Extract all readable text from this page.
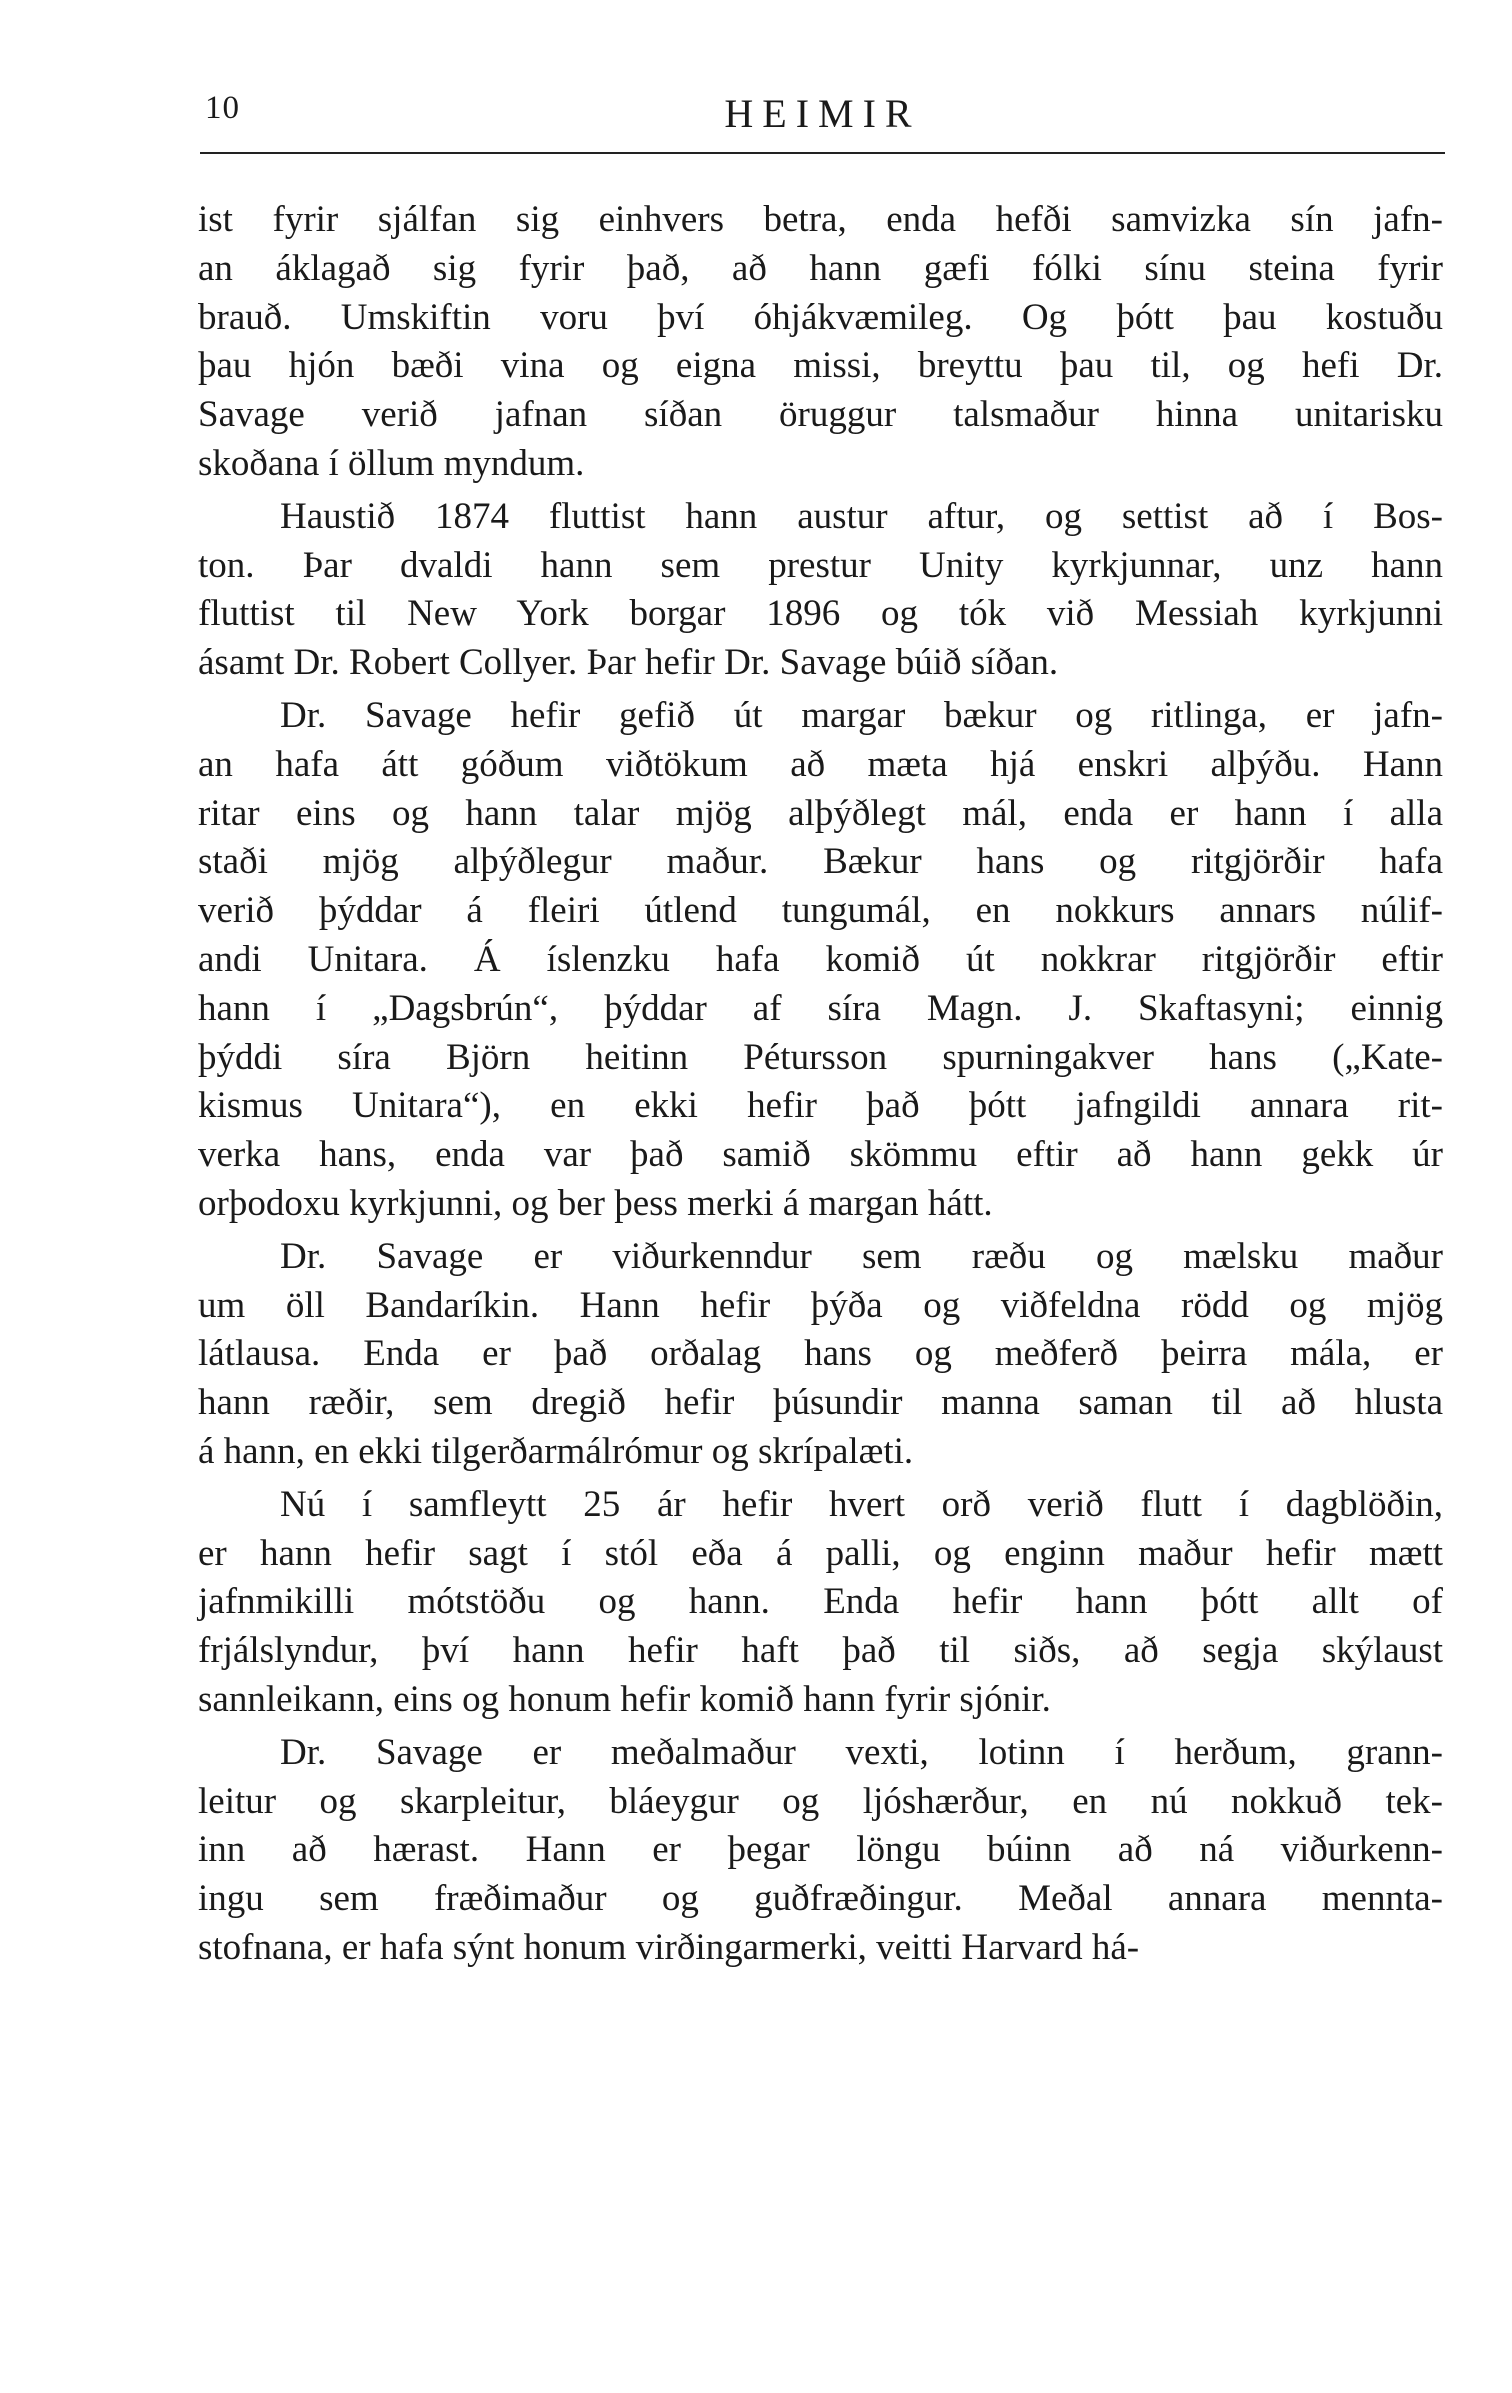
10	HEIMIR

ist fyrir sjálfan sig einhvers betra, enda hefði samvizka sín jafn-
an áklagað sig fyrir það, að hann gæfi fólki sínu steina fyrir
brauð. Umskiftin voru því óhjákvæmileg. Og þótt þau kostuðu
þau hjón bæði vina og eigna missi, breyttu þau til, og hefi Dr.
Savage verið jafnan síðan öruggur talsmaður hinna unitarisku
skoðana í öllum myndum.

Haustið 1874 fluttist hann austur aftur, og settist að í Bos-
ton. Þar dvaldi hann sem prestur Unity kyrkjunnar, unz hann
fluttist til New York borgar 1896 og tók við Messiah kyrkjunni
ásamt Dr. Robert Collyer. Þar hefir Dr. Savage búið síðan.

Dr. Savage hefir gefið út margar bækur og ritlinga, er jafn-
an hafa átt góðum viðtökum að mæta hjá enskri alþýðu. Hann
ritar eins og hann talar mjög alþýðlegt mál, enda er hann í alla
staði mjög alþýðlegur maður. Bækur hans og ritgjörðir hafa
verið þýddar á fleiri útlend tungumál, en nokkurs annars núlif-
andi Unitara. Á íslenzku hafa komið út nokkrar ritgjörðir eftir
hann í „Dagsbrún“, þýddar af síra Magn. J. Skaftasyni; einnig
þýddi síra Björn heitinn Pétursson spurningakver hans („Kate-
kismus Unitara“), en ekki hefir það þótt jafngildi annara rit-
verka hans, enda var það samið skömmu eftir að hann gekk úr
orþodoxu kyrkjunni, og ber þess merki á margan hátt.

Dr. Savage er viðurkenndur sem ræðu og mælsku maður
um öll Bandaríkin. Hann hefir þýða og viðfeldna rödd og mjög
látlausa. Enda er það orðalag hans og meðferð þeirra mála, er
hann ræðir, sem dregið hefir þúsundir manna saman til að hlusta
á hann, en ekki tilgerðarmálrómur og skrípalæti.

Nú í samfleytt 25 ár hefir hvert orð verið flutt í dagblöðin,
er hann hefir sagt í stól eða á palli, og enginn maður hefir mætt
jafnmikilli mótstöðu og hann. Enda hefir hann þótt allt of
frjálslyndur, því hann hefir haft það til siðs, að segja skýlaust
sannleikann, eins og honum hefir komið hann fyrir sjónir.

Dr. Savage er meðalmaður vexti, lotinn í herðum, grann-
leitur og skarpleitur, bláeygur og ljóshærður, en nú nokkuð tek-
inn að hærast. Hann er þegar löngu búinn að ná viðurkenn-
ingu sem fræðimaður og guðfræðingur. Meðal annara mennta-
stofnana, er hafa sýnt honum virðingarmerki, veitti Harvard há-
